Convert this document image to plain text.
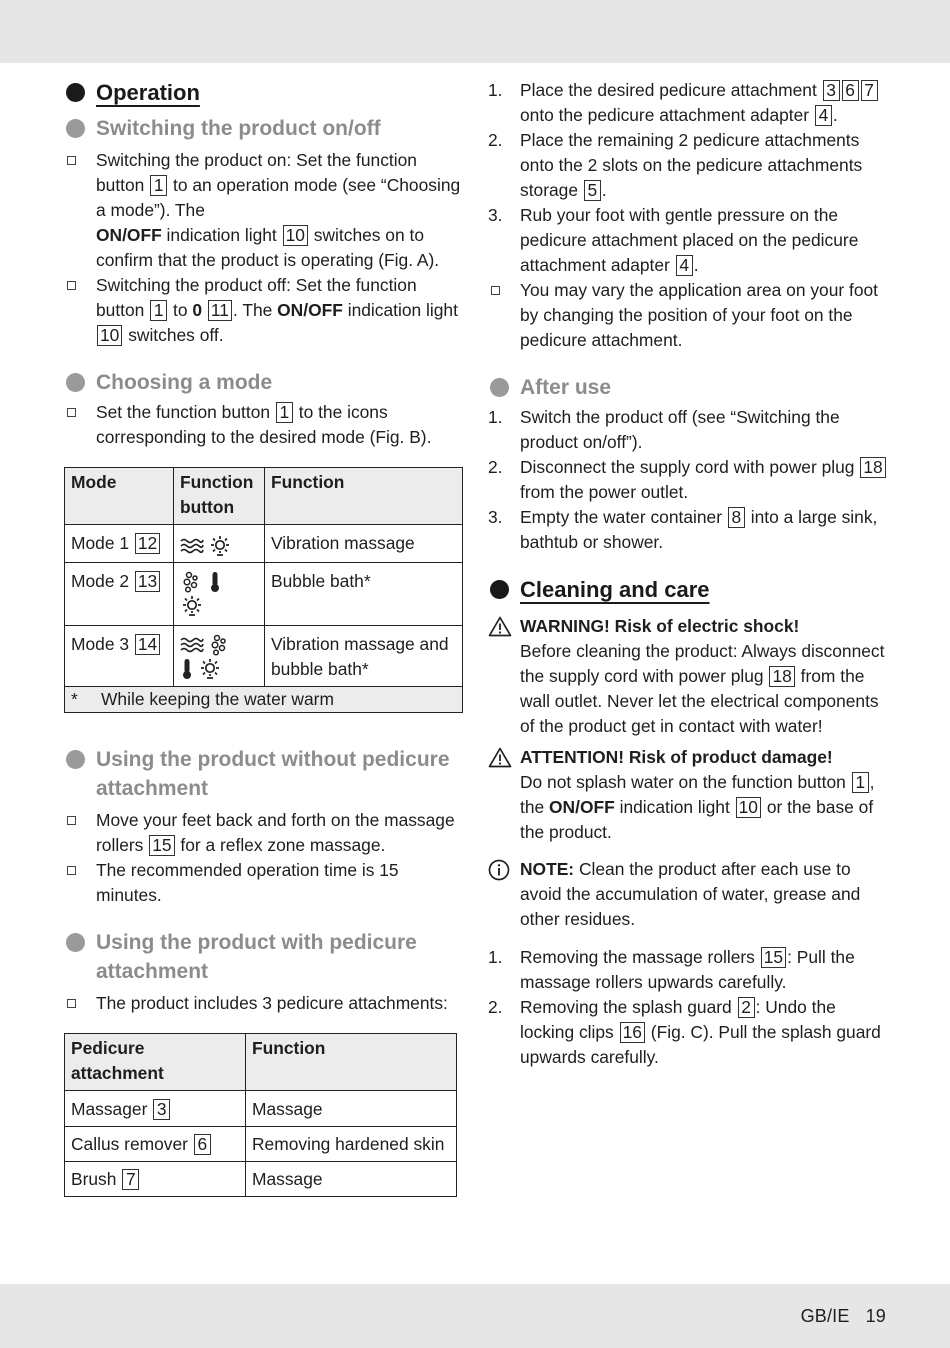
Operation
Switching the product on/off
Switching the product on: Set the function button 1 to an operation mode (see “Choosing a mode”). The
ON/OFF indication light 10 switches on to confirm that the product is operating (Fig. A).
Switching the product off: Set the function button 1 to 0 11 . The ON/OFF indication light 10 switches off.
Choosing a mode
Set the function button 1 to the icons corresponding to the desired mode (Fig. B).
Mode	Function button	Function
Mode 1 12		Vibration massage
Mode 2 13		Bubble bath*
Mode 3 14		Vibration massage and bubble bath*
* While keeping the water warm		
Using the product without pedicure attachment
Move your feet back and forth on the massage rollers 15 for a reflex zone massage.
The recommended operation time is 15 minutes.
Using the product with pedicure attachment
The product includes 3 pedicure attachments:
Pedicure attachment	Function
Massager 3	Massage
Callus remover 6	Removing hardened skin
Brush 7	Massage
1. Place the desired pedicure attachment 3 6 7 onto the pedicure attachment adapter 4 .
2. Place the remaining 2 pedicure attachments onto the 2 slots on the pedicure attachments storage 5 .
3. Rub your foot with gentle pressure on the pedicure attachment placed on the pedicure attachment adapter 4 .
You may vary the application area on your foot by changing the position of your foot on the pedicure attachment.
After use
1. Switch the product off (see “Switching the product on/off”).
2. Disconnect the supply cord with power plug 18 from the power outlet.
3. Empty the water container 8 into a large sink, bathtub or shower.
Cleaning and care
WARNING! Risk of electric shock!
Before cleaning the product: Always disconnect the supply cord with power plug 18 from the wall outlet. Never let the electrical components of the product get in contact with water!
ATTENTION! Risk of product damage!
Do not splash water on the function button 1 , the ON/OFF indication light 10 or the base of the product.
NOTE: Clean the product after each use to avoid the accumulation of water, grease and other residues.
1. Removing the massage rollers 15 : Pull the massage rollers upwards carefully.
2. Removing the splash guard 2 : Undo the locking clips 16 (Fig. C). Pull the splash guard upwards carefully.
GB/IE 19
